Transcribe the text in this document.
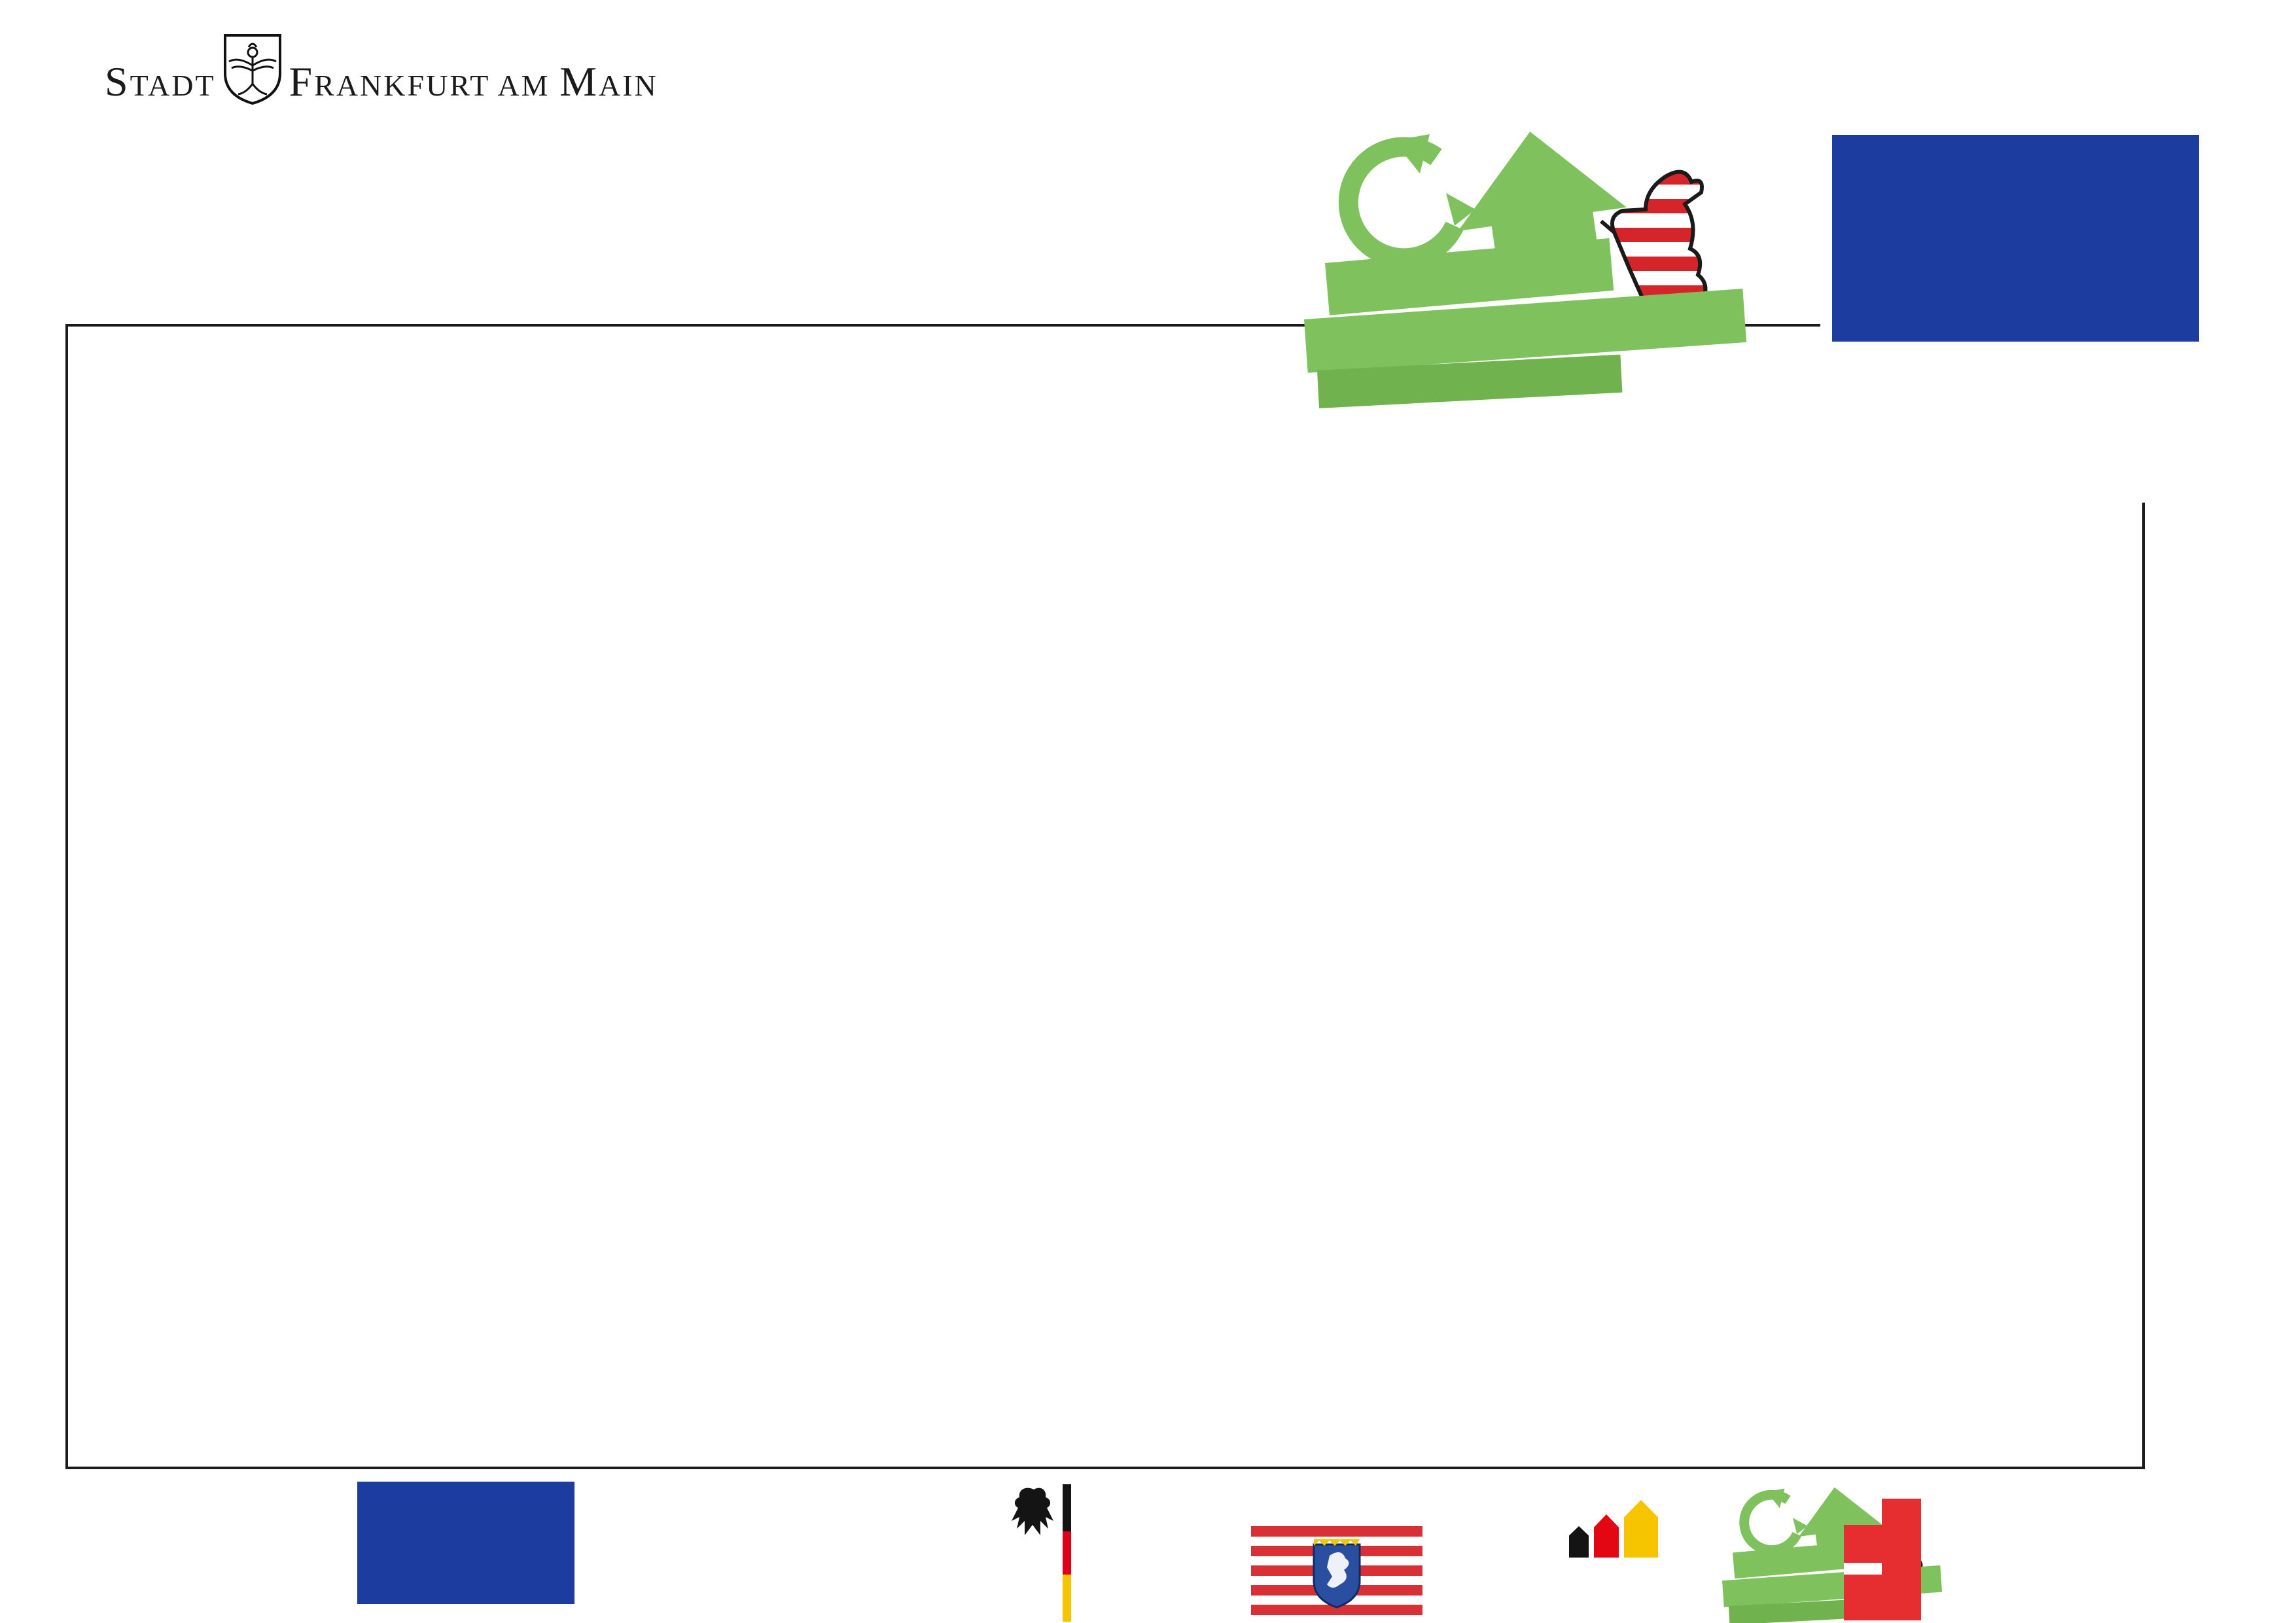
STADT FRANKFURT AM MAIN
